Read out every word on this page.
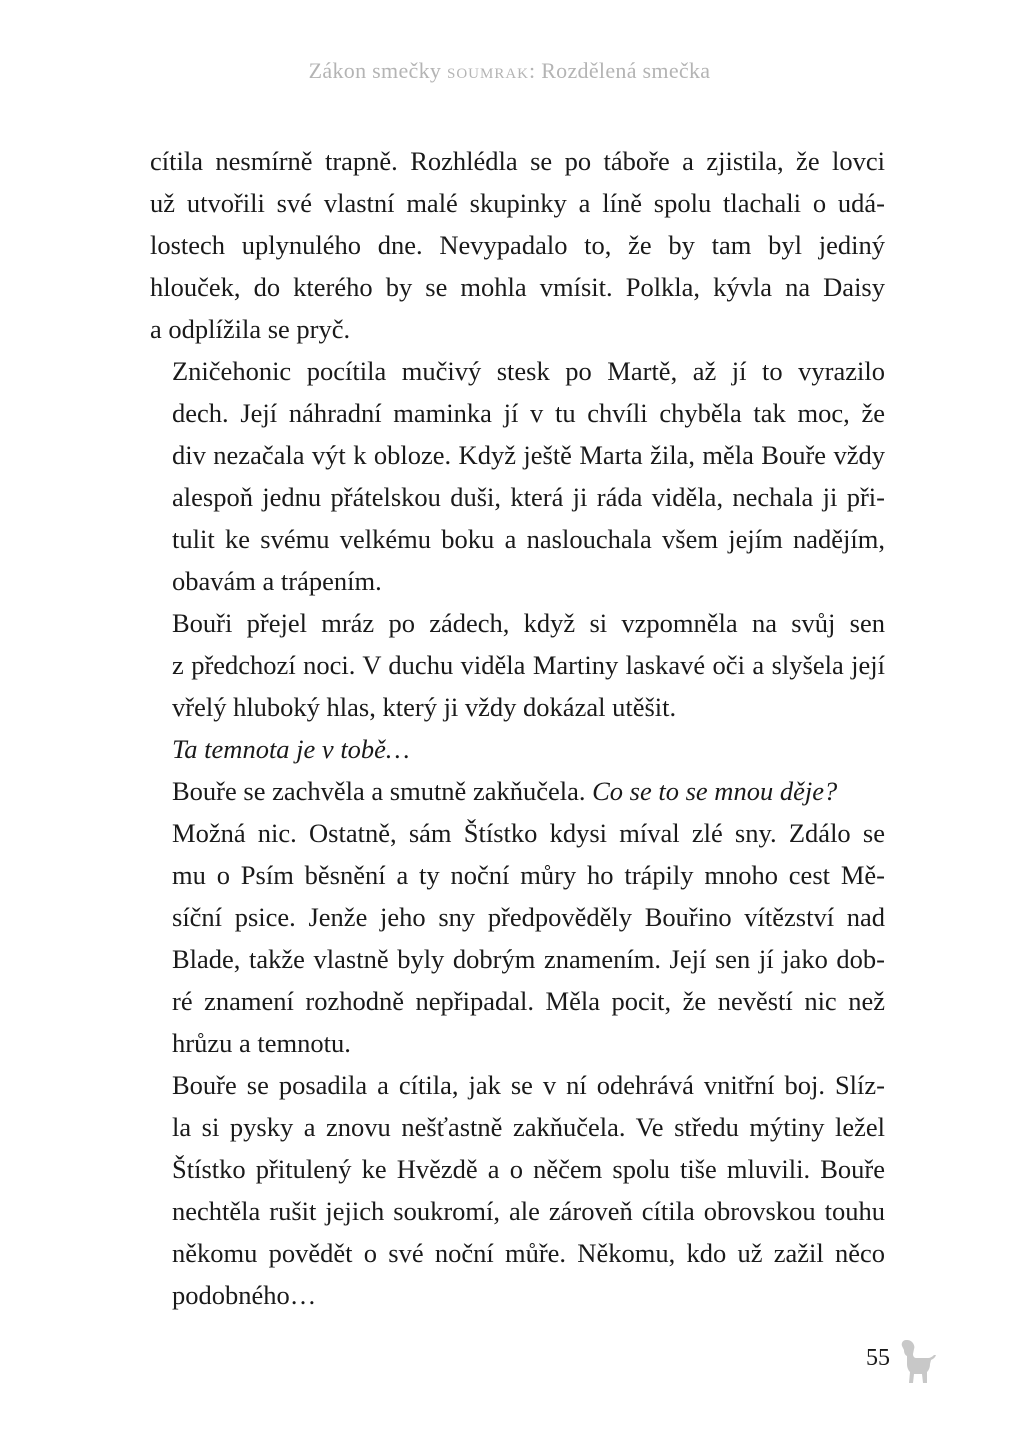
Zákon smečky soumrak: Rozdělená smečka

cítila nesmírně trapně. Rozhlédla se po táboře a zjistila, že lovci
už utvořili své vlastní malé skupinky a líně spolu tlachali o udá-
lostech uplynulého dne. Nevypadalo to, že by tam byl jediný
hlouček, do kterého by se mohla vmísit. Polkla, kývla na Daisy
a odplížila se pryč.

Zničehonic pocítila mučivý stesk po Martě, až jí to vyrazilo
dech. Její náhradní maminka jí v tu chvíli chyběla tak moc, že
div nezačala výt k obloze. Když ještě Marta žila, měla Bouře vždy
alespoň jednu přátelskou duši, která ji ráda viděla, nechala ji při-
tulit ke svému velkému boku a naslouchala všem jejím nadějím,
obavám a trápením.

Bouři přejel mráz po zádech, když si vzpomněla na svůj sen
z předchozí noci. V duchu viděla Martiny laskavé oči a slyšela její
vřelý hluboký hlas, který ji vždy dokázal utěšit.

Ta temnota je v tobě…

Bouře se zachvěla a smutně zakňučela. Co se to se mnou děje?

Možná nic. Ostatně, sám Štístko kdysi míval zlé sny. Zdálo se
mu o Psím běsnění a ty noční můry ho trápily mnoho cest Mě-
síční psice. Jenže jeho sny předpověděly Bouřino vítězství nad
Blade, takže vlastně byly dobrým znamením. Její sen jí jako dob-
ré znamení rozhodně nepřipadal. Měla pocit, že nevěstí nic než
hrůzu a temnotu.

Bouře se posadila a cítila, jak se v ní odehrává vnitřní boj. Slíz-
la si pysky a znovu nešťastně zakňučela. Ve středu mýtiny ležel
Štístko přitulený ke Hvězdě a o něčem spolu tiše mluvili. Bouře
nechtěla rušit jejich soukromí, ale zároveň cítila obrovskou touhu
někomu povědět o své noční můře. Někomu, kdo už zažil něco
podobného…

55
